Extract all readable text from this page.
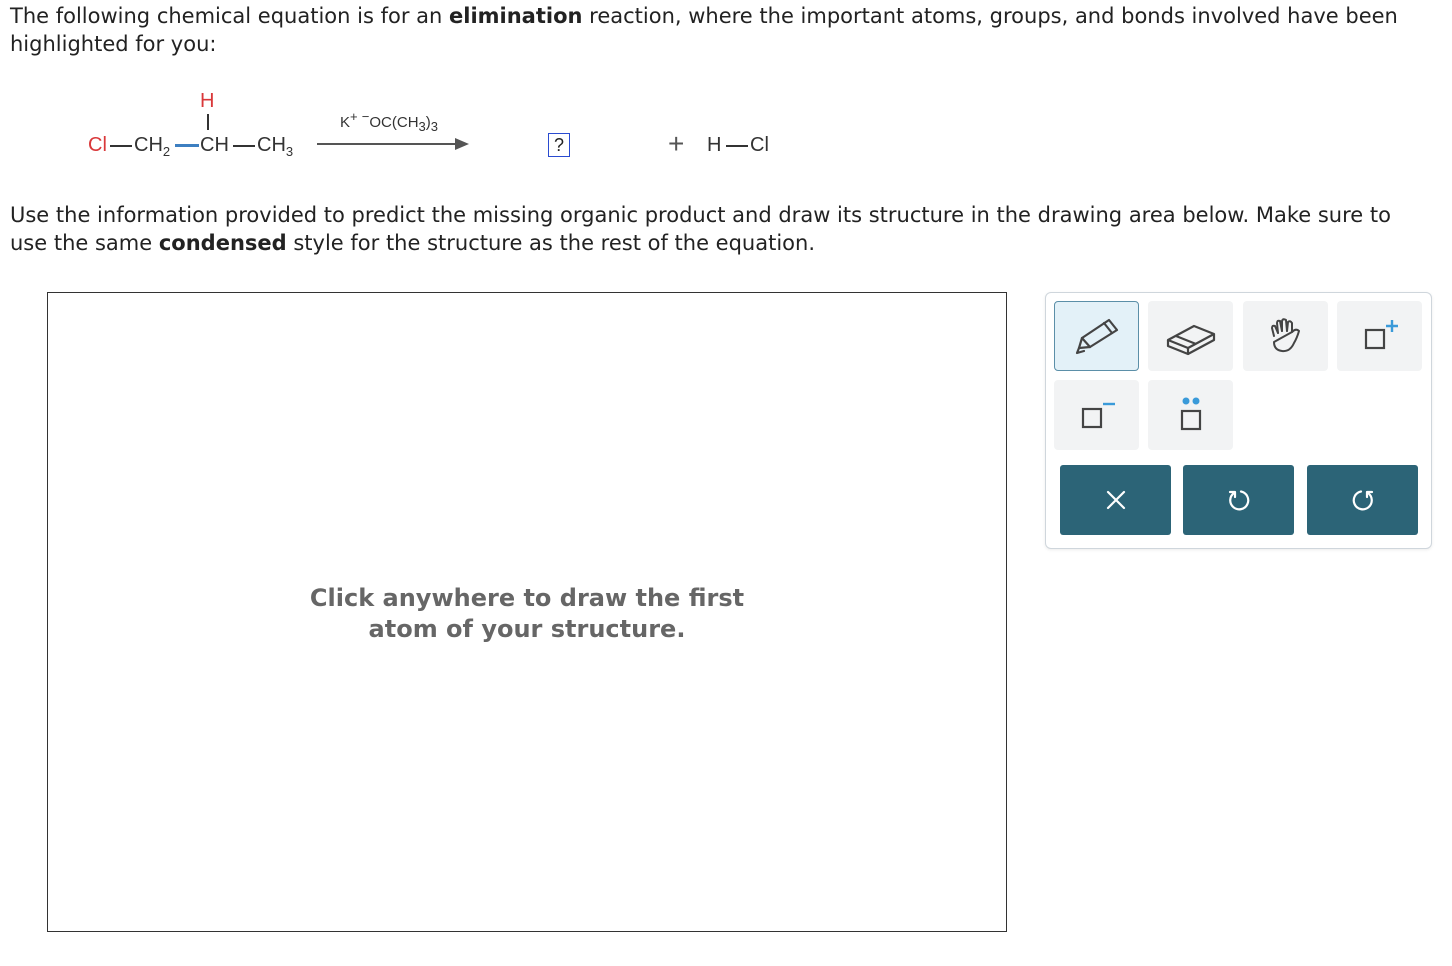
The following chemical equation is for an elimination reaction, where the important atoms, groups, and bonds involved have been highlighted for you:

H
Cl $CH_2$ CH $CH_3$
K+ $^-OC(CH_3)_3$
?	+ H Cl

Use the information provided to predict the missing organic product and draw its structure in the drawing area below. Make sure to use the same condensed style for the structure as the rest of the equation.

Click anywhere to draw the first
atom of your structure.
